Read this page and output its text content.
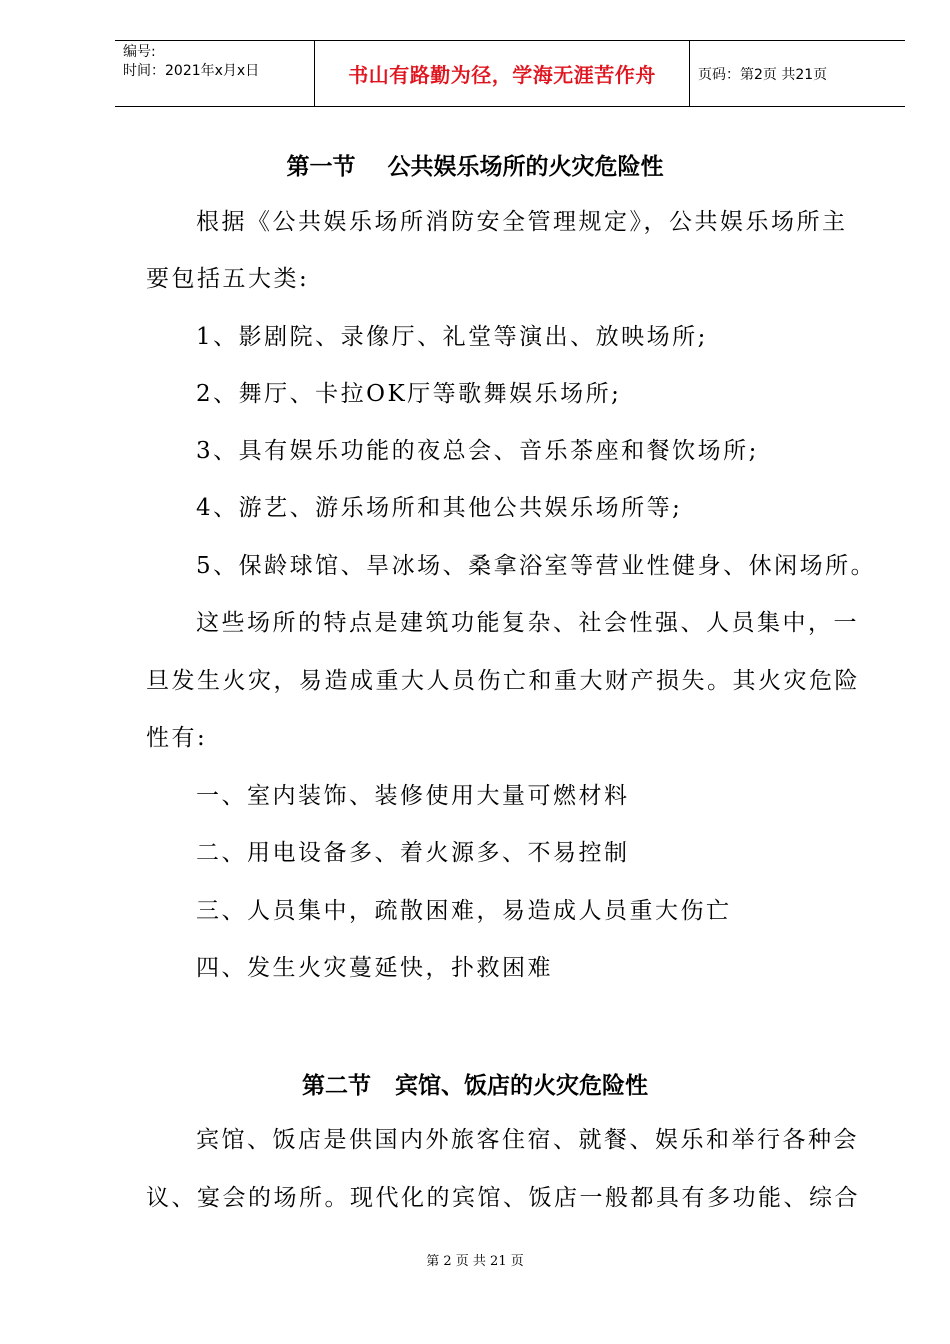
编号:
时间：2021年x月x日	书山有路勤为径，学海无涯苦作舟	页码：第2页 共21页
第一节    公共娱乐场所的火灾危险性
根据《公共娱乐场所消防安全管理规定》，公共娱乐场所主
要包括五大类:
1、影剧院、录像厅、礼堂等演出、放映场所;
2、舞厅、卡拉OK厅等歌舞娱乐场所;
3、具有娱乐功能的夜总会、音乐茶座和餐饮场所;
4、游艺、游乐场所和其他公共娱乐场所等;
5、保龄球馆、旱冰场、桑拿浴室等营业性健身、休闲场所。
这些场所的特点是建筑功能复杂、社会性强、人员集中，一
旦发生火灾，易造成重大人员伤亡和重大财产损失。其火灾危险
性有:
一、室内装饰、装修使用大量可燃材料
二、用电设备多、着火源多、不易控制
三、人员集中，疏散困难，易造成人员重大伤亡
四、发生火灾蔓延快，扑救困难
第二节   宾馆、饭店的火灾危险性
宾馆、饭店是供国内外旅客住宿、就餐、娱乐和举行各种会
议、宴会的场所。现代化的宾馆、饭店一般都具有多功能、综合
第 2 页 共 21 页
